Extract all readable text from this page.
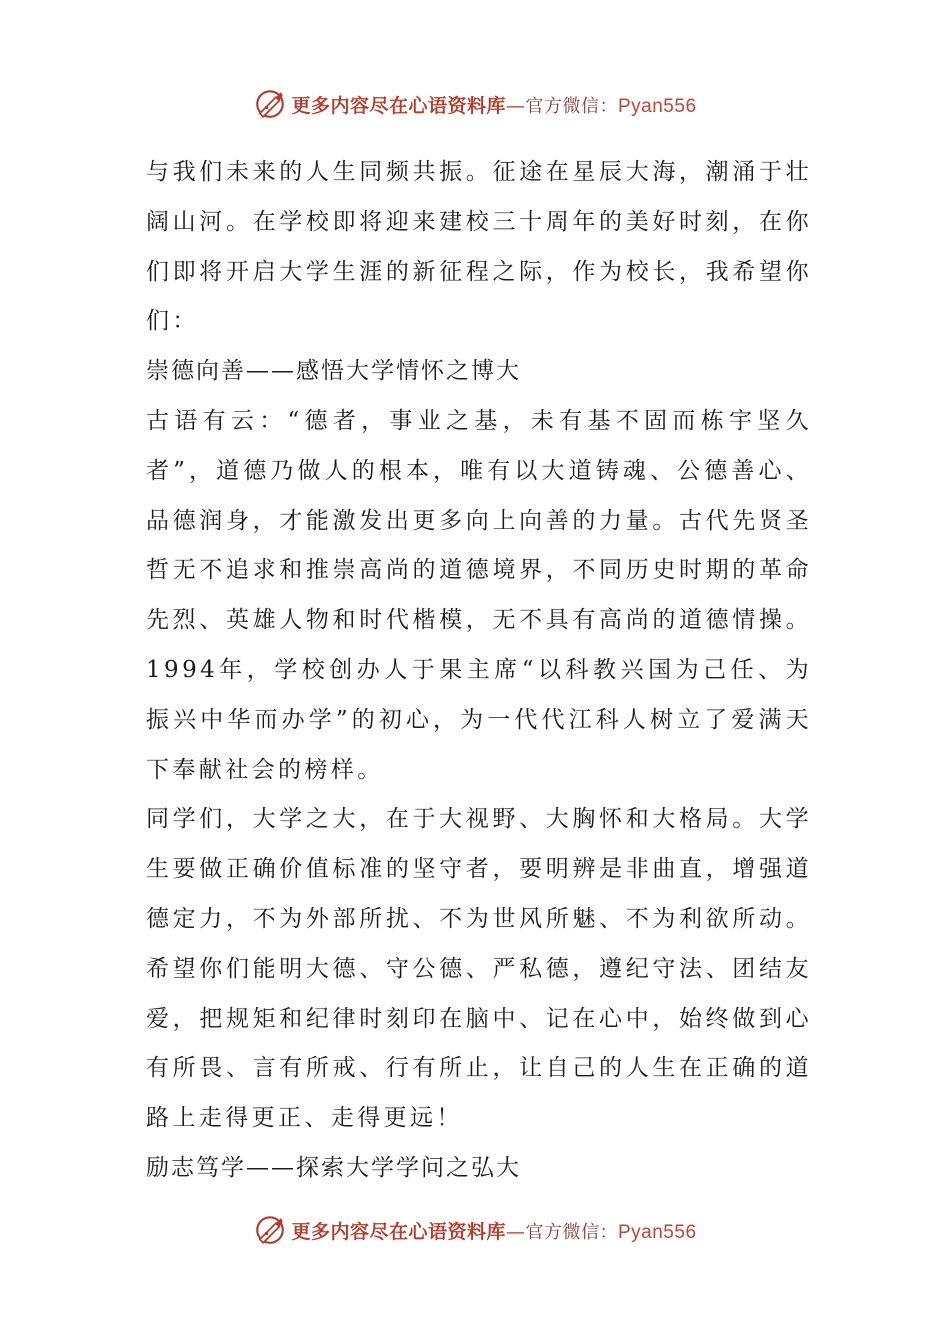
更多内容尽在心语资料库—官方微信：Pyan556

与我们未来的人生同频共振。征途在星辰大海，潮涌于壮阔山河。在学校即将迎来建校三十周年的美好时刻，在你们即将开启大学生涯的新征程之际，作为校长，我希望你们：

崇德向善——感悟大学情怀之博大

古语有云：“德者，事业之基，未有基不固而栋宇坚久者”，道德乃做人的根本，唯有以大道铸魂、公德善心、品德润身，才能激发出更多向上向善的力量。古代先贤圣哲无不追求和推崇高尚的道德境界，不同历史时期的革命先烈、英雄人物和时代楷模，无不具有高尚的道德情操。1994年，学校创办人于果主席“以科教兴国为己任、为振兴中华而办学”的初心，为一代代江科人树立了爱满天下奉献社会的榜样。

同学们，大学之大，在于大视野、大胸怀和大格局。大学生要做正确价值标准的坚守者，要明辨是非曲直，增强道德定力，不为外部所扰、不为世风所魅、不为利欲所动。希望你们能明大德、守公德、严私德，遵纪守法、团结友爱，把规矩和纪律时刻印在脑中、记在心中，始终做到心有所畏、言有所戒、行有所止，让自己的人生在正确的道路上走得更正、走得更远！

励志笃学——探索大学学问之弘大

更多内容尽在心语资料库—官方微信：Pyan556
